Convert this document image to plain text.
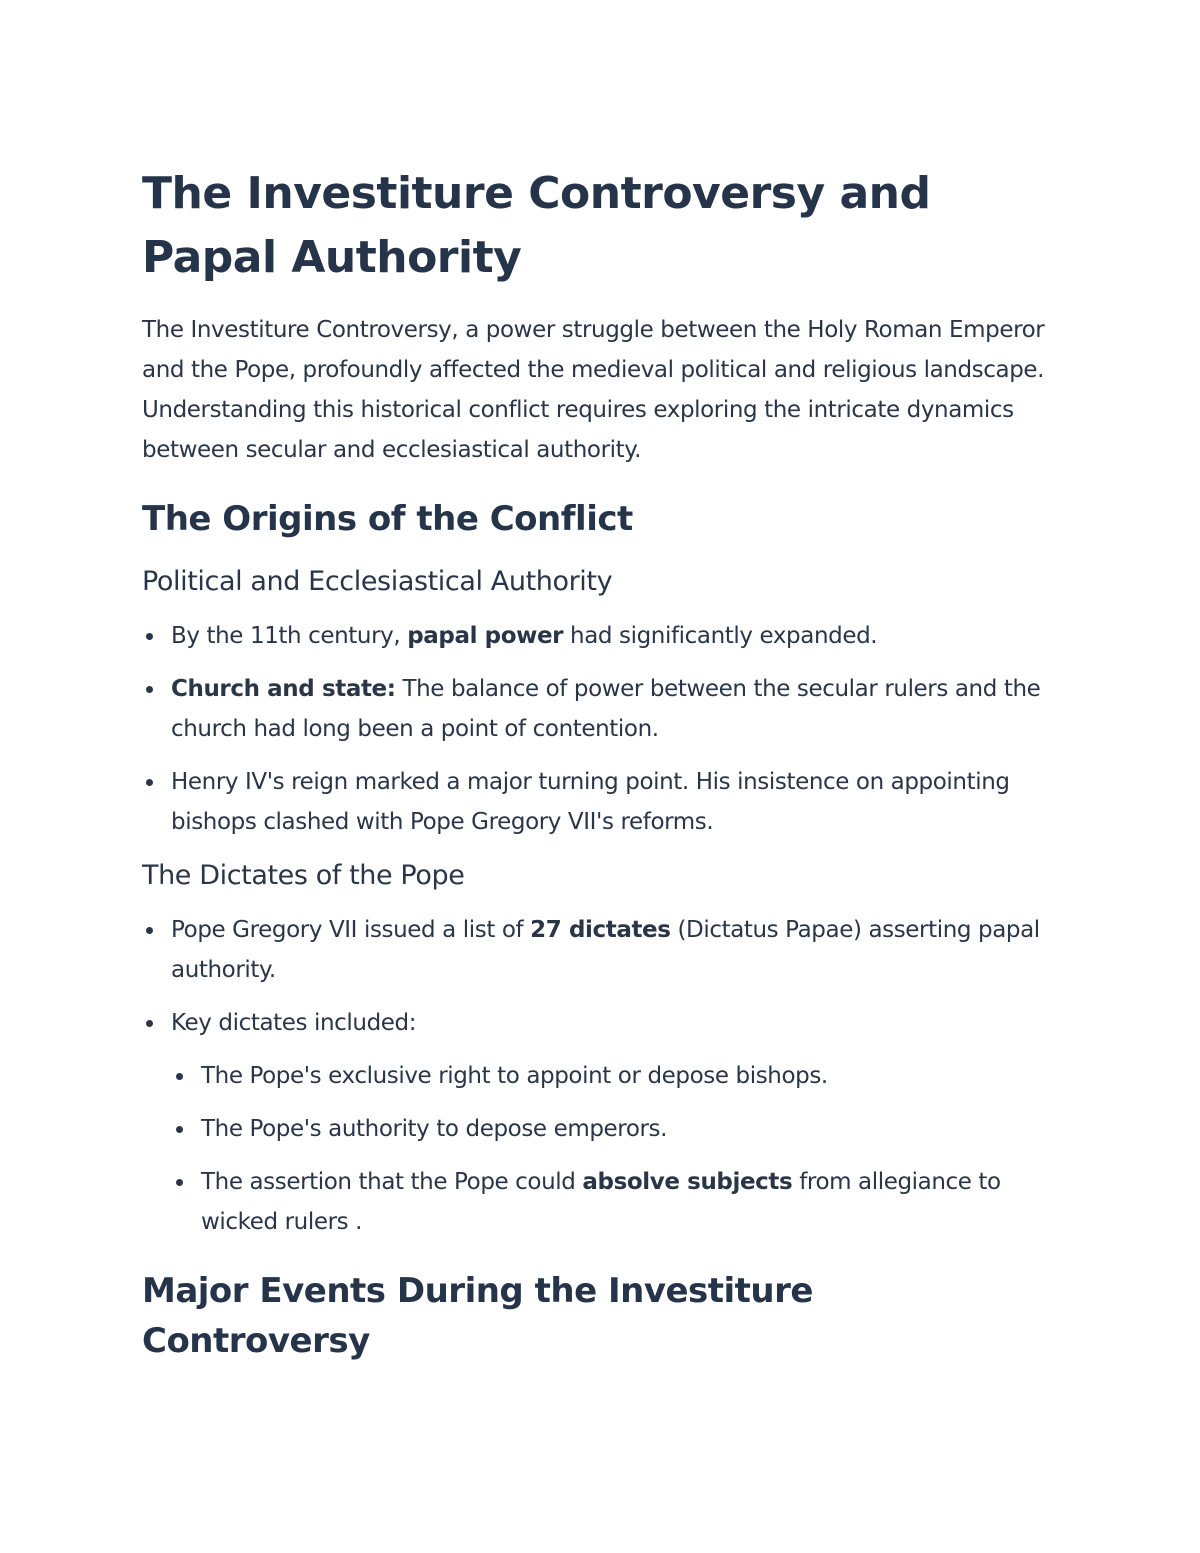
The Investiture Controversy and Papal Authority

The Investiture Controversy, a power struggle between the Holy Roman Emperor and the Pope, profoundly affected the medieval political and religious landscape. Understanding this historical conflict requires exploring the intricate dynamics between secular and ecclesiastical authority.

The Origins of the Conflict
Political and Ecclesiastical Authority
By the 11th century, papal power had significantly expanded.
Church and state: The balance of power between the secular rulers and the church had long been a point of contention.
Henry IV's reign marked a major turning point. His insistence on appointing bishops clashed with Pope Gregory VII's reforms.
The Dictates of the Pope
Pope Gregory VII issued a list of 27 dictates (Dictatus Papae) asserting papal authority.
Key dictates included:
The Pope's exclusive right to appoint or depose bishops.
The Pope's authority to depose emperors.
The assertion that the Pope could absolve subjects from allegiance to wicked rulers .
Major Events During the Investiture Controversy
